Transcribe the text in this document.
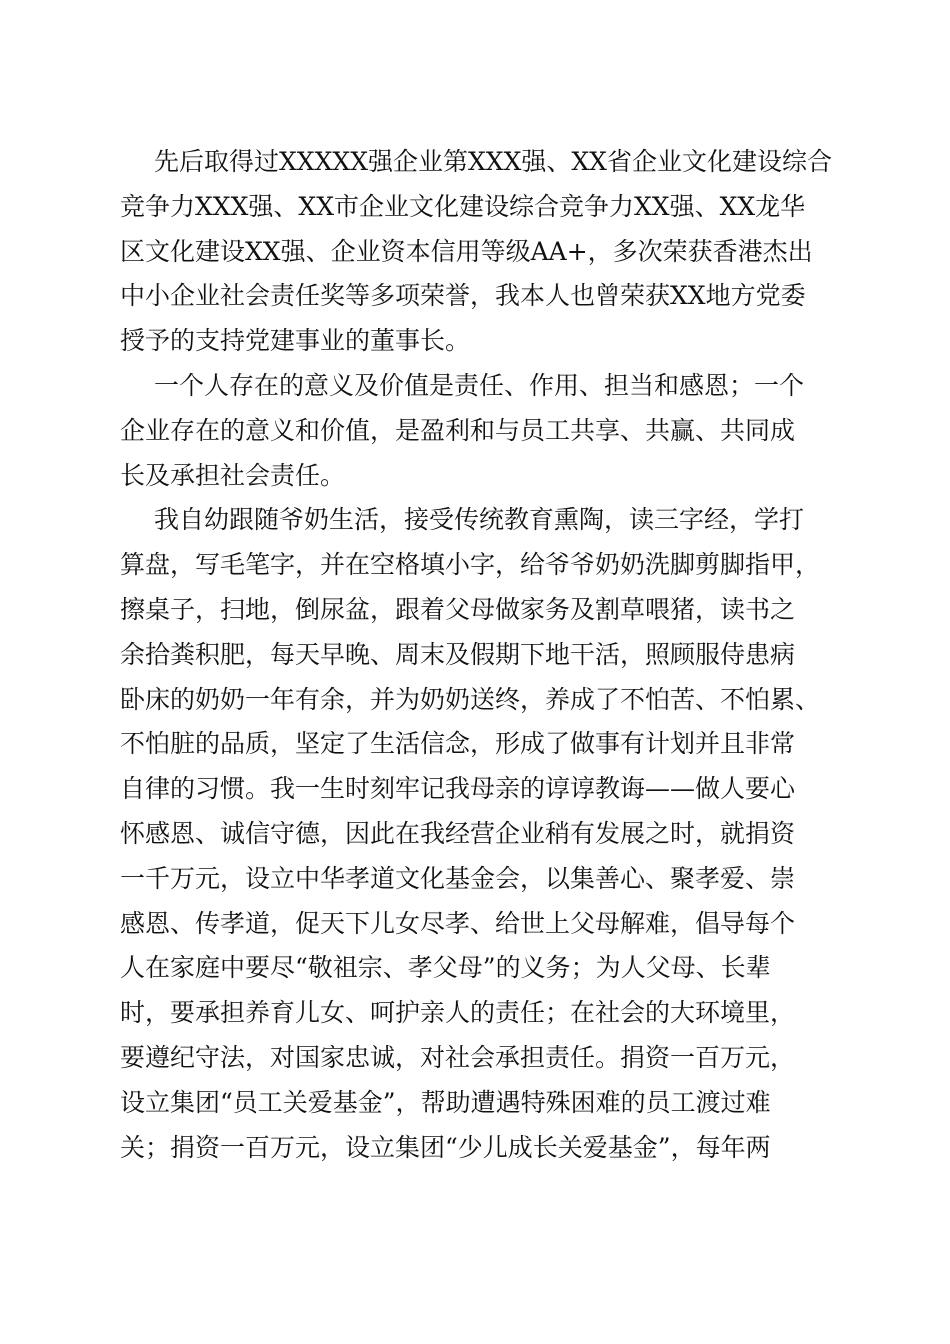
先后取得过XXXXX强企业第XXX强、XX省企业文化建设综合
竞争力XXX强、XX市企业文化建设综合竞争力XX强、XX龙华
区文化建设XX强、企业资本信用等级AA+，多次荣获香港杰出
中小企业社会责任奖等多项荣誉，我本人也曾荣获XX地方党委
授予的支持党建事业的董事长。
一个人存在的意义及价值是责任、作用、担当和感恩；一个
企业存在的意义和价值，是盈利和与员工共享、共赢、共同成
长及承担社会责任。
我自幼跟随爷奶生活，接受传统教育熏陶，读三字经，学打
算盘，写毛笔字，并在空格填小字，给爷爷奶奶洗脚剪脚指甲，
擦桌子，扫地，倒尿盆，跟着父母做家务及割草喂猪，读书之
余拾粪积肥，每天早晚、周末及假期下地干活，照顾服侍患病
卧床的奶奶一年有余，并为奶奶送终，养成了不怕苦、不怕累、
不怕脏的品质，坚定了生活信念，形成了做事有计划并且非常
自律的习惯。我一生时刻牢记我母亲的谆谆教诲——做人要心
怀感恩、诚信守德，因此在我经营企业稍有发展之时，就捐资
一千万元，设立中华孝道文化基金会，以集善心、聚孝爱、崇
感恩、传孝道，促天下儿女尽孝、给世上父母解难，倡导每个
人在家庭中要尽“敬祖宗、孝父母”的义务；为人父母、长辈
时，要承担养育儿女、呵护亲人的责任；在社会的大环境里，
要遵纪守法，对国家忠诚，对社会承担责任。捐资一百万元，
设立集团“员工关爱基金”，帮助遭遇特殊困难的员工渡过难
关；捐资一百万元，设立集团“少儿成长关爱基金”，每年两
